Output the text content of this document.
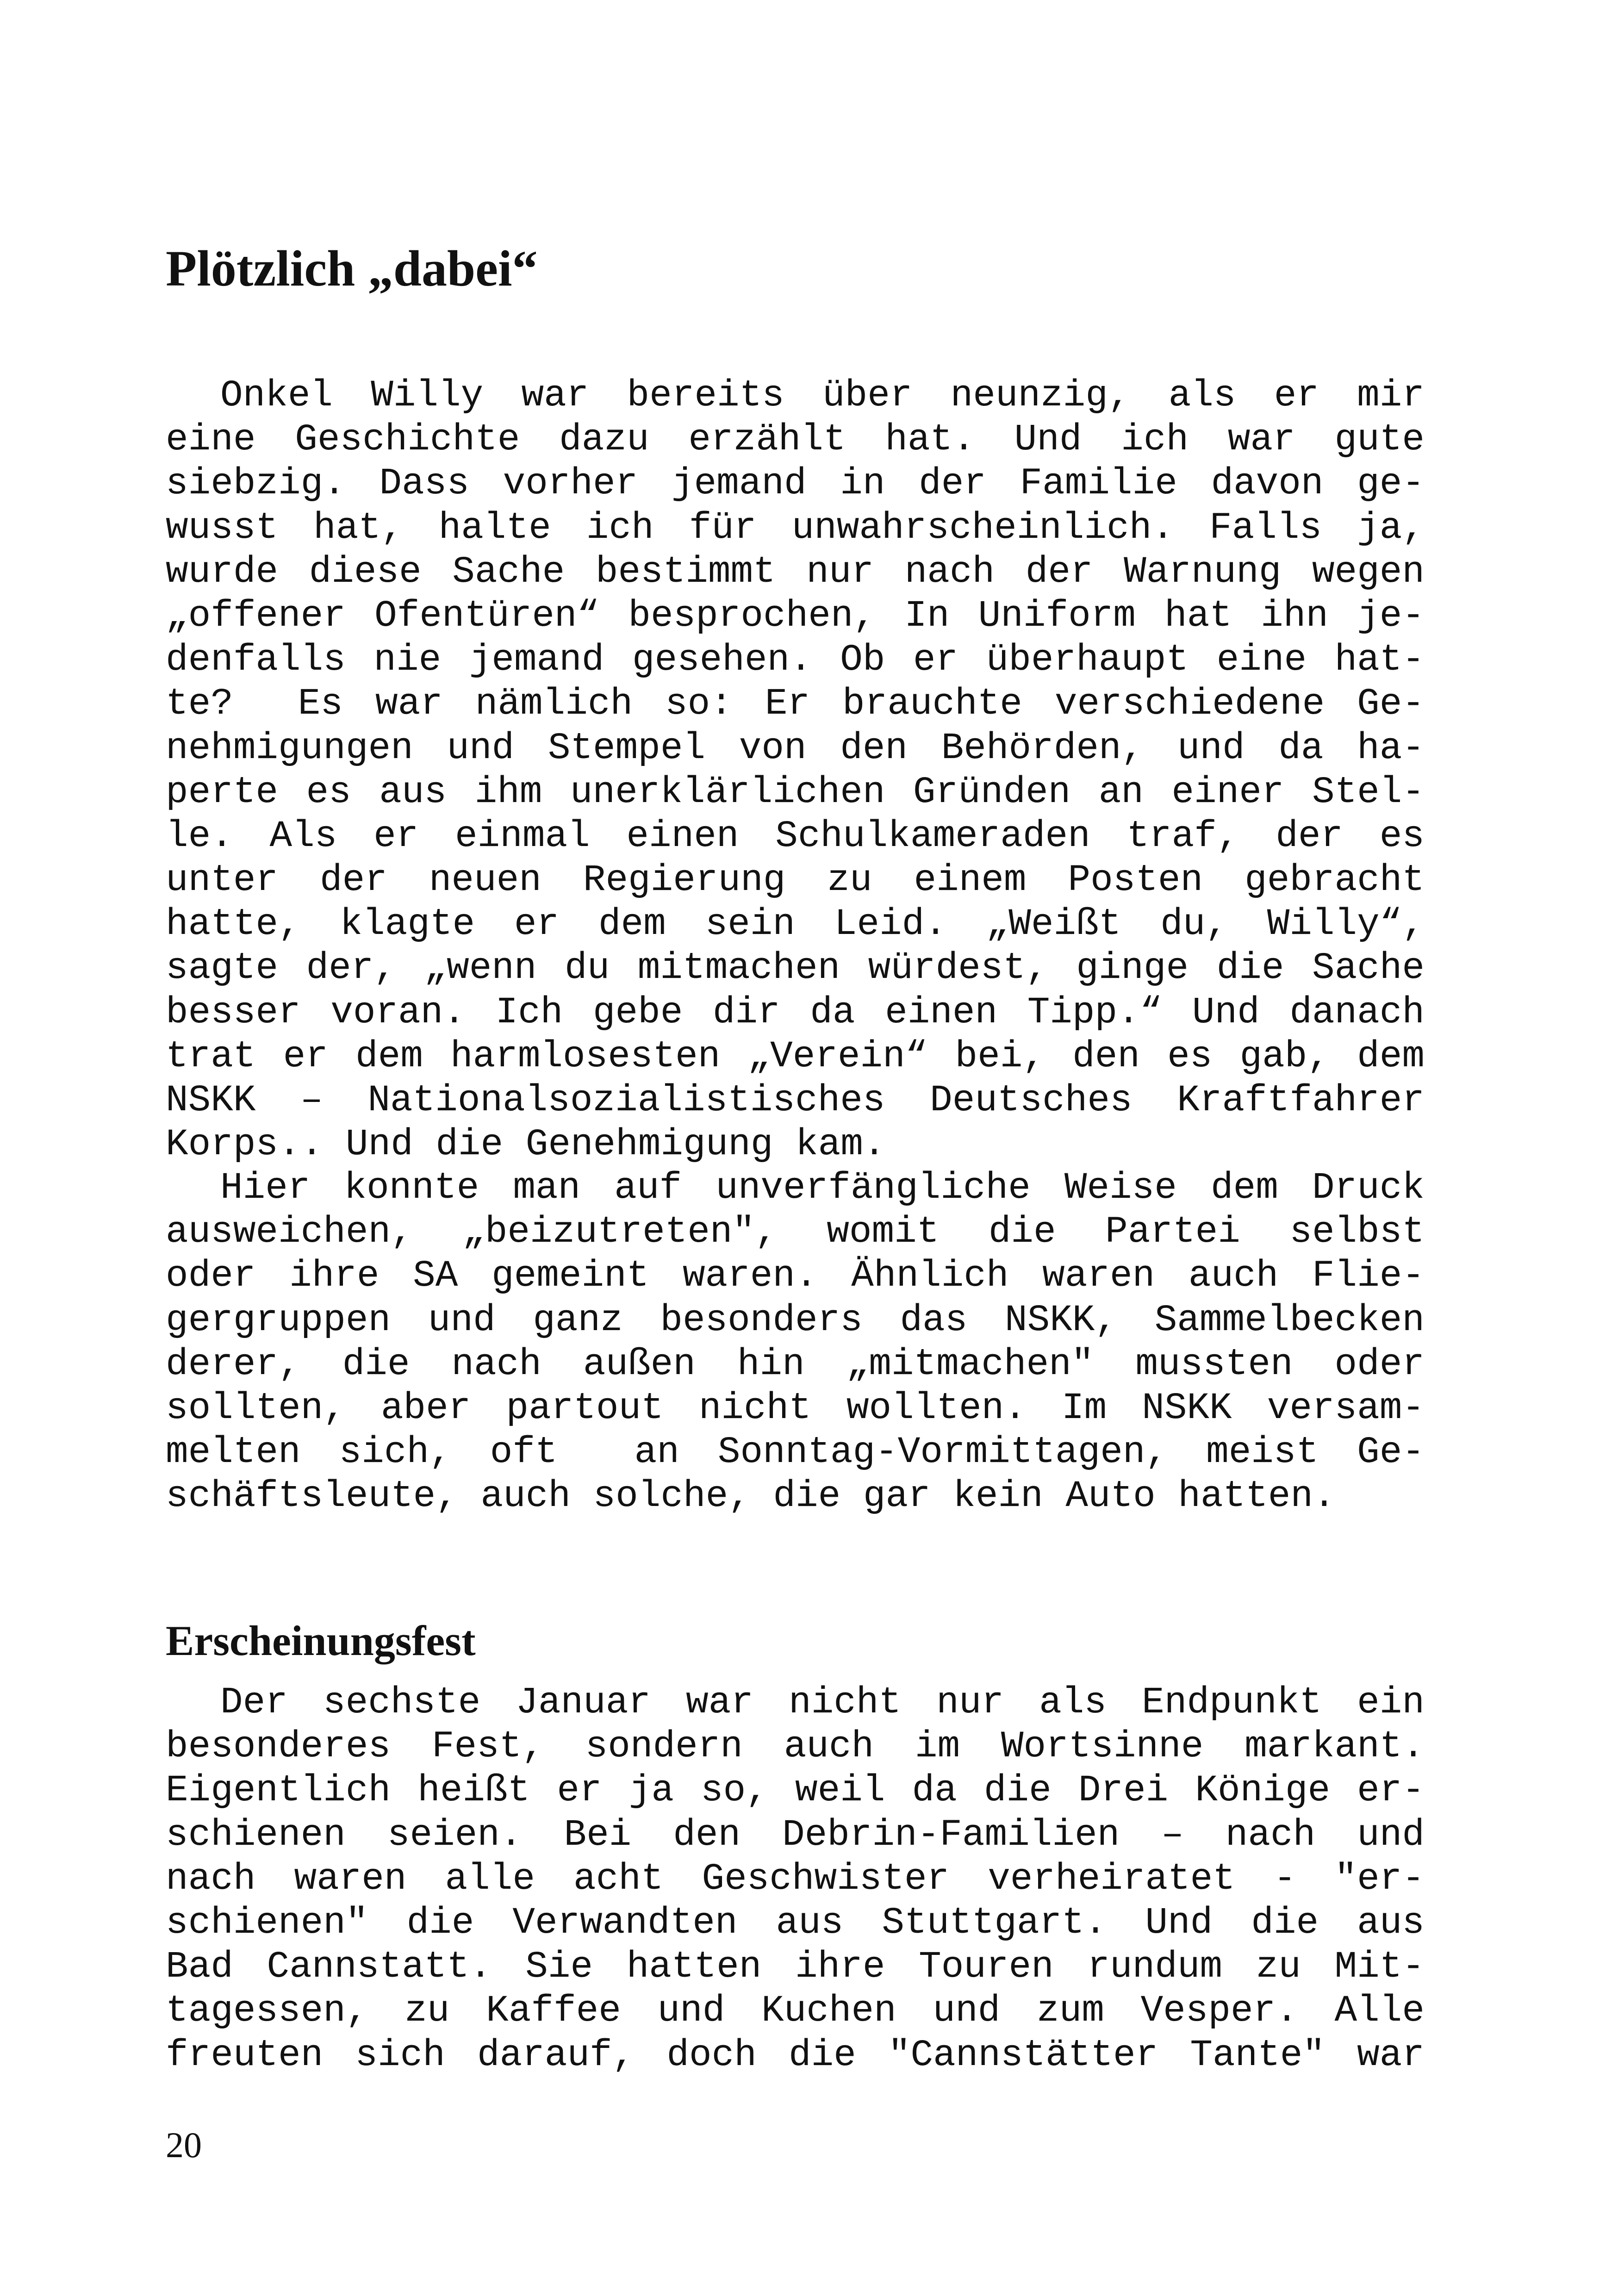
Plötzlich „dabei“
Onkel Willy war bereits über neunzig, als er mir
eine Geschichte dazu erzählt hat. Und ich war gute
siebzig. Dass vorher jemand in der Familie davon ge-
wusst hat, halte ich für unwahrscheinlich. Falls ja,
wurde diese Sache bestimmt nur nach der Warnung wegen
„offener Ofentüren“ besprochen, In Uniform hat ihn je-
denfalls nie jemand gesehen. Ob er überhaupt eine hat-
te?  Es war nämlich so: Er brauchte verschiedene Ge-
nehmigungen und Stempel von den Behörden, und da ha-
perte es aus ihm unerklärlichen Gründen an einer Stel-
le. Als er einmal einen Schulkameraden traf, der es
unter der neuen Regierung zu einem Posten gebracht
hatte, klagte er dem sein Leid. „Weißt du, Willy“,
sagte der, „wenn du mitmachen würdest, ginge die Sache
besser voran. Ich gebe dir da einen Tipp.“ Und danach
trat er dem harmlosesten „Verein“ bei, den es gab, dem
NSKK – Nationalsozialistisches Deutsches Kraftfahrer
Korps.. Und die Genehmigung kam.
Hier konnte man auf unverfängliche Weise dem Druck
ausweichen, „beizutreten", womit die Partei selbst
oder ihre SA gemeint waren. Ähnlich waren auch Flie-
gergruppen und ganz besonders das NSKK, Sammelbecken
derer, die nach außen hin „mitmachen" mussten oder
sollten, aber partout nicht wollten. Im NSKK versam-
melten sich, oft  an Sonntag-Vormittagen, meist Ge-
schäftsleute, auch solche, die gar kein Auto hatten.
Erscheinungsfest
Der sechste Januar war nicht nur als Endpunkt ein
besonderes Fest, sondern auch im Wortsinne markant.
Eigentlich heißt er ja so, weil da die Drei Könige er-
schienen seien. Bei den Debrin-Familien – nach und
nach waren alle acht Geschwister verheiratet - "er-
schienen" die Verwandten aus Stuttgart. Und die aus
Bad Cannstatt. Sie hatten ihre Touren rundum zu Mit-
tagessen, zu Kaffee und Kuchen und zum Vesper. Alle
freuten sich darauf, doch die "Cannstätter Tante" war
20
